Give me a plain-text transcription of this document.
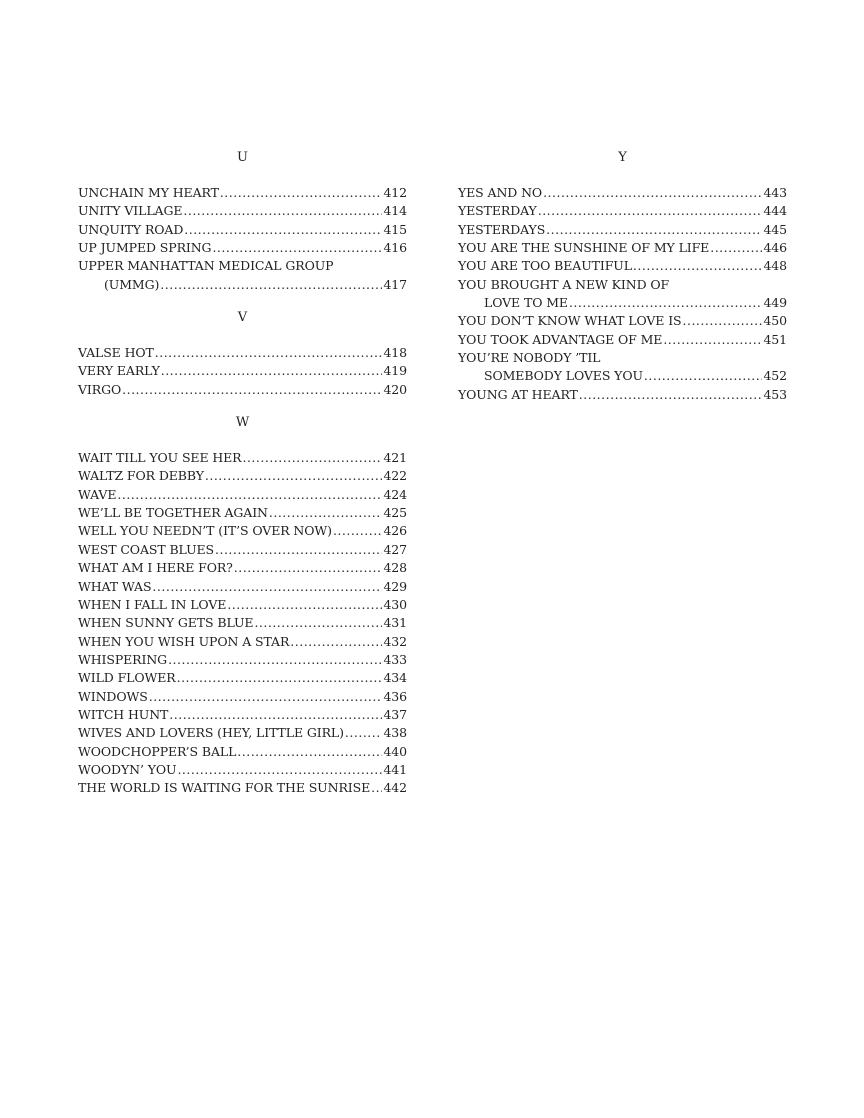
U
UNCHAIN MY HEART .....	412
UNITY VILLAGE .....	414
UNQUITY ROAD .....	415
UP JUMPED SPRING .....	416
UPPER MANHATTAN MEDICAL GROUP
(UMMG) .....	417
V
VALSE HOT .....	418
VERY EARLY .....	419
VIRGO .....	420
W
WAIT TILL YOU SEE HER .....	421
WALTZ FOR DEBBY .....	422
WAVE .....	424
WE’LL BE TOGETHER AGAIN .....	425
WELL YOU NEEDN’T (IT’S OVER NOW) .....	426
WEST COAST BLUES .....	427
WHAT AM I HERE FOR? .....	428
WHAT WAS .....	429
WHEN I FALL IN LOVE .....	430
WHEN SUNNY GETS BLUE .....	431
WHEN YOU WISH UPON A STAR .....	432
WHISPERING .....	433
WILD FLOWER .....	434
WINDOWS .....	436
WITCH HUNT .....	437
WIVES AND LOVERS (HEY, LITTLE GIRL) .....	438
WOODCHOPPER’S BALL .....	440
WOODYN’ YOU .....	441
THE WORLD IS WAITING FOR THE SUNRISE ..... 442
Y
YES AND NO .....	443
YESTERDAY .....	444
YESTERDAYS .....	445
YOU ARE THE SUNSHINE OF MY LIFE .....	446
YOU ARE TOO BEAUTIFUL .....	448
YOU BROUGHT A NEW KIND OF
LOVE TO ME .....	449
YOU DON’T KNOW WHAT LOVE IS .....	450
YOU TOOK ADVANTAGE OF ME .....	451
YOU’RE NOBODY ’TIL
SOMEBODY LOVES YOU .....	452
YOUNG AT HEART .....	453
